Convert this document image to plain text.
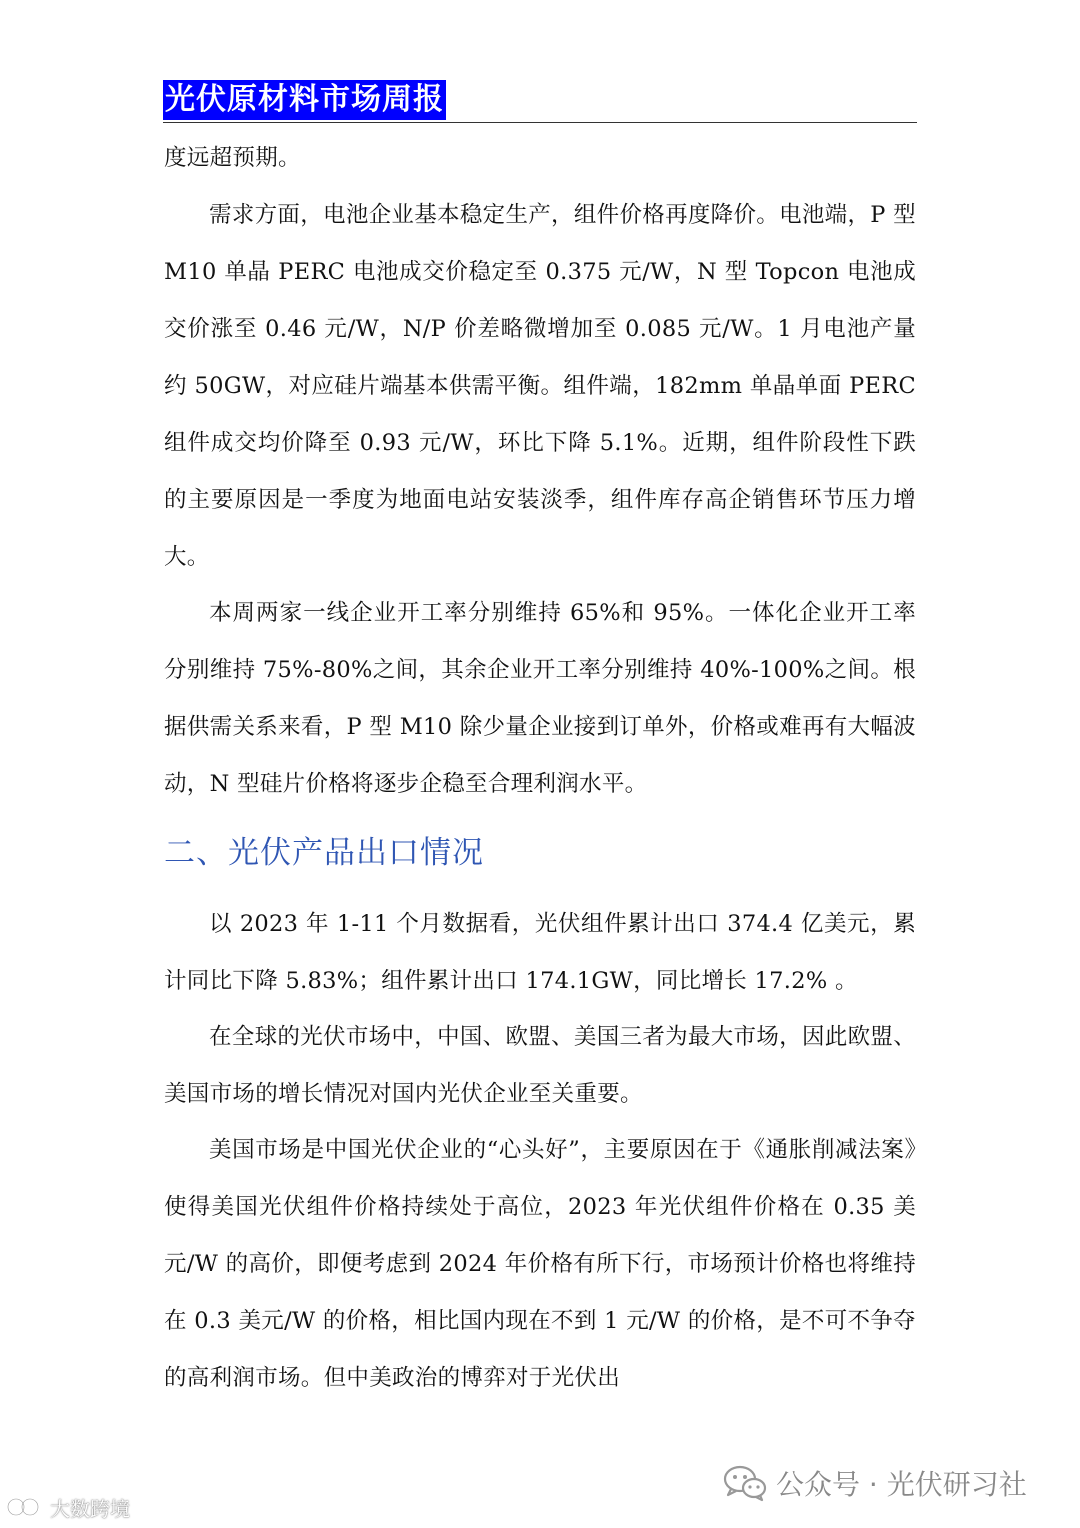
光伏原材料市场周报

度远超预期。

需求方面，电池企业基本稳定生产，组件价格再度降价。电池端，P 型 M10 单晶 PERC 电池成交价稳定至 0.375 元/W，N 型 Topcon 电池成交价涨至 0.46 元/W，N/P 价差略微增加至 0.085 元/W。1 月电池产量约 50GW，对应硅片端基本供需平衡。组件端，182mm 单晶单面 PERC 组件成交均价降至 0.93 元/W，环比下降 5.1%。近期，组件阶段性下跌的主要原因是一季度为地面电站安装淡季，组件库存高企销售环节压力增大。

本周两家一线企业开工率分别维持 65%和 95%。一体化企业开工率分别维持 75%-80%之间，其余企业开工率分别维持 40%-100%之间。根据供需关系来看，P 型 M10 除少量企业接到订单外，价格或难再有大幅波动，N 型硅片价格将逐步企稳至合理利润水平。

二、光伏产品出口情况

以 2023 年 1-11 个月数据看，光伏组件累计出口 374.4 亿美元，累计同比下降 5.83%；组件累计出口 174.1GW，同比增长 17.2% 。

在全球的光伏市场中，中国、欧盟、美国三者为最大市场，因此欧盟、美国市场的增长情况对国内光伏企业至关重要。

美国市场是中国光伏企业的“心头好”，主要原因在于《通胀削减法案》使得美国光伏组件价格持续处于高位，2023 年光伏组件价格在 0.35 美元/W 的高价，即便考虑到 2024 年价格有所下行，市场预计价格也将维持在 0.3 美元/W 的价格，相比国内现在不到 1 元/W 的价格，是不可不争夺的高利润市场。但中美政治的博弈对于光伏出

公众号 · 光伏研习社
大数跨境
